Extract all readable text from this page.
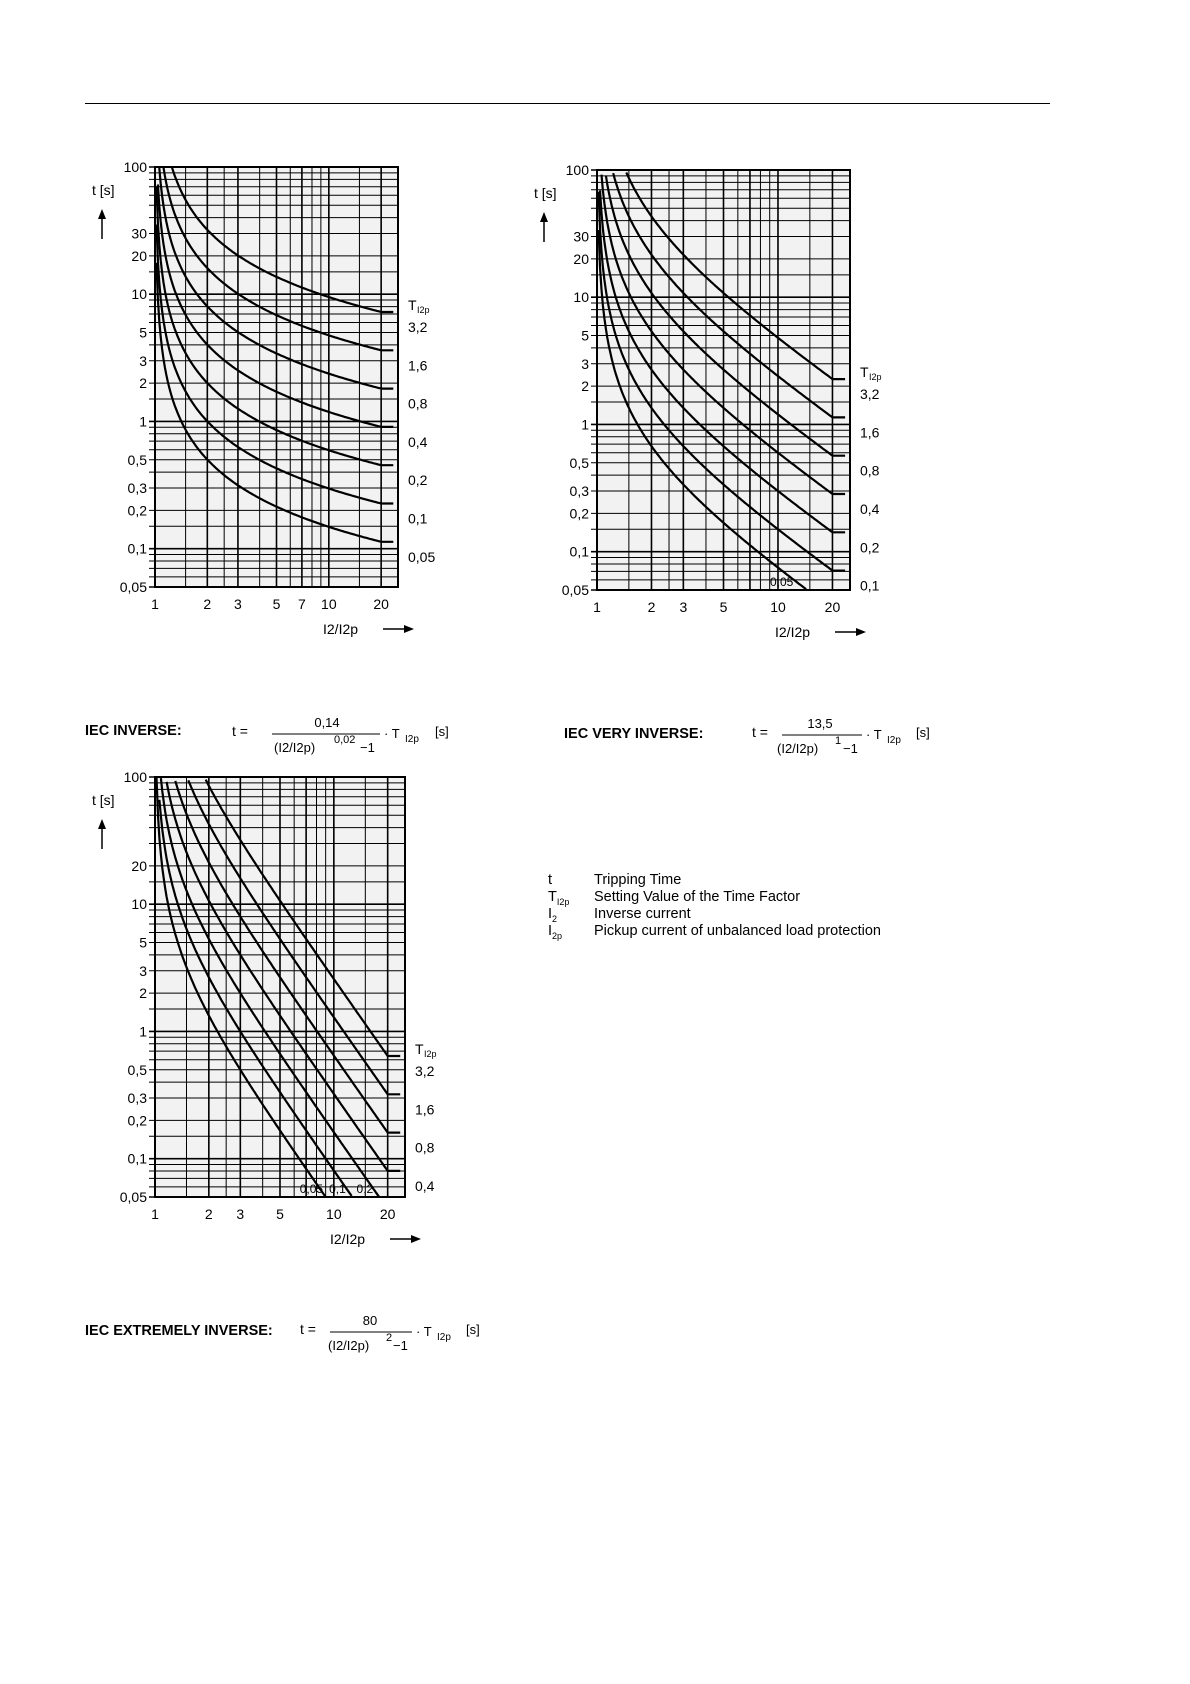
100
30
20
10
5
3
2
1
0,5
0,3
0,2
0,1
0,05
1	2 3 5 7 10	20
t [s]
I2/I2p
3,2
1,6
0,8
0,4
0,2
0,1
0,05
T I2p
100
30
20
10
5
3
2
1
0,5
0,3
0,2
0,1
0,05
1	2 3 5	10	20
t [s]
I2/I2p
3,2
1,6
0,8
0,4
0,2
0,1
0,05
T I2p
100
20
10
5
3
2
1
0,5
0,3
0,2
0,1
0,05
1	2 3 5	10	20
t [s]
I2/I2p
3,2
1,6
0,8
0,4
0,2
0,1
0,05
T I2p
IEC INVERSE:	t =
0,14
(I2/I2p) 0,02 −1
· T I2p
[s]	IEC VERY INVERSE:	t =
13,5
(I2/I2p) 1 −1
· T I2p
[s]
IEC EXTREMELY INVERSE: t =
80
(I2/I2p) 2 −1
· T I2p
[s]
t	Tripping Time
$T_{I2p}$	Setting Value of the Time Factor
$I_2$	Inverse current
$I_{2p}$	Pickup current of unbalanced load protection
